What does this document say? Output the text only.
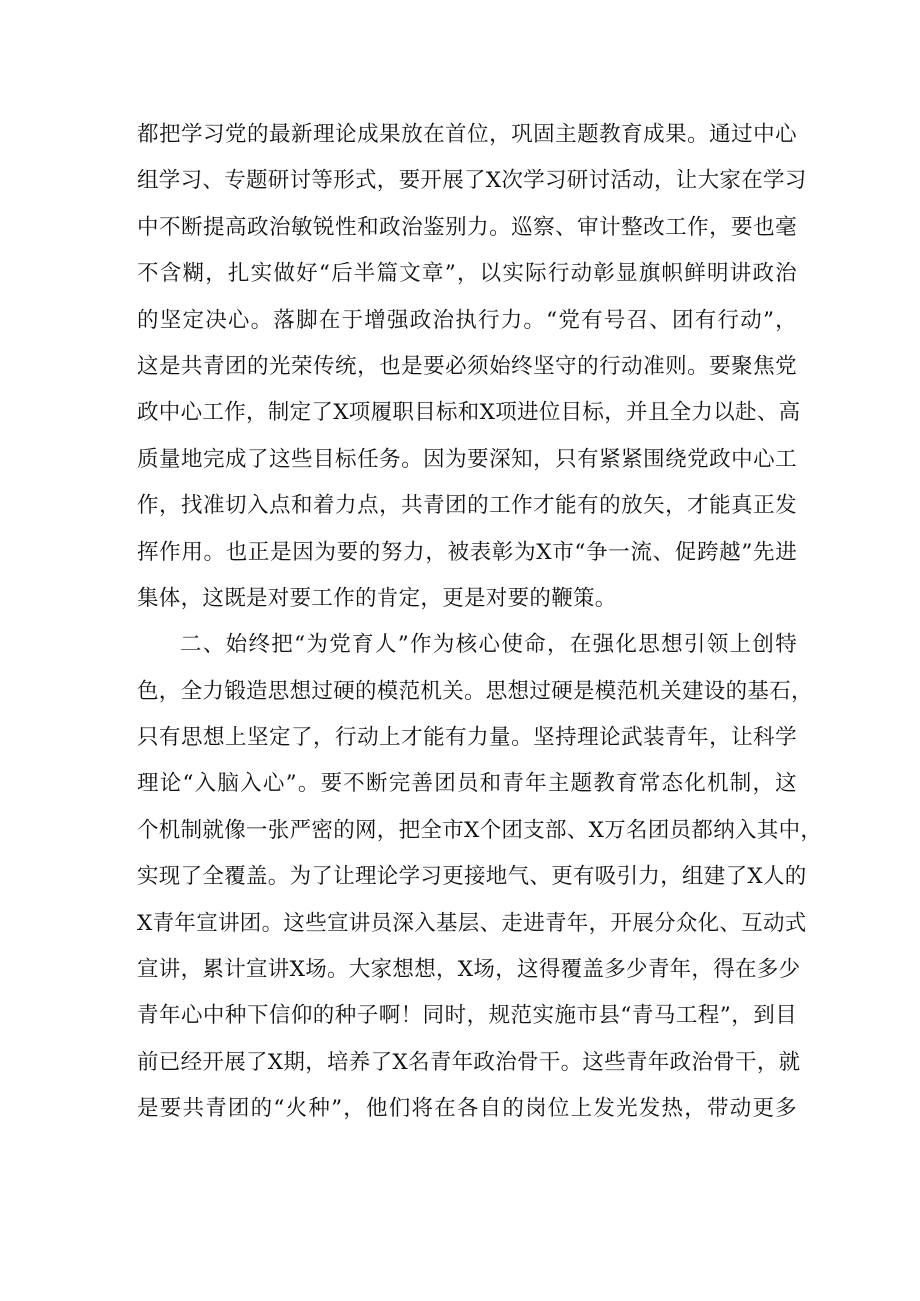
都把学习党的最新理论成果放在首位，巩固主题教育成果。通过中心
组学习、专题研讨等形式，要开展了X次学习研讨活动，让大家在学习
中不断提高政治敏锐性和政治鉴别力。巡察、审计整改工作，要也毫
不含糊，扎实做好“后半篇文章”，以实际行动彰显旗帜鲜明讲政治
的坚定决心。落脚在于增强政治执行力。“党有号召、团有行动”，
这是共青团的光荣传统，也是要必须始终坚守的行动准则。要聚焦党
政中心工作，制定了X项履职目标和X项进位目标，并且全力以赴、高
质量地完成了这些目标任务。因为要深知，只有紧紧围绕党政中心工
作，找准切入点和着力点，共青团的工作才能有的放矢，才能真正发
挥作用。也正是因为要的努力，被表彰为X市“争一流、促跨越”先进
集体，这既是对要工作的肯定，更是对要的鞭策。
二、始终把“为党育人”作为核心使命，在强化思想引领上创特
色，全力锻造思想过硬的模范机关。思想过硬是模范机关建设的基石，
只有思想上坚定了，行动上才能有力量。坚持理论武装青年，让科学
理论“入脑入心”。要不断完善团员和青年主题教育常态化机制，这
个机制就像一张严密的网，把全市X个团支部、X万名团员都纳入其中，
实现了全覆盖。为了让理论学习更接地气、更有吸引力，组建了X人的
X青年宣讲团。这些宣讲员深入基层、走进青年，开展分众化、互动式
宣讲，累计宣讲X场。大家想想，X场，这得覆盖多少青年，得在多少
青年心中种下信仰的种子啊！同时，规范实施市县“青马工程”，到目
前已经开展了X期，培养了X名青年政治骨干。这些青年政治骨干，就
是要共青团的“火种”，他们将在各自的岗位上发光发热，带动更多
